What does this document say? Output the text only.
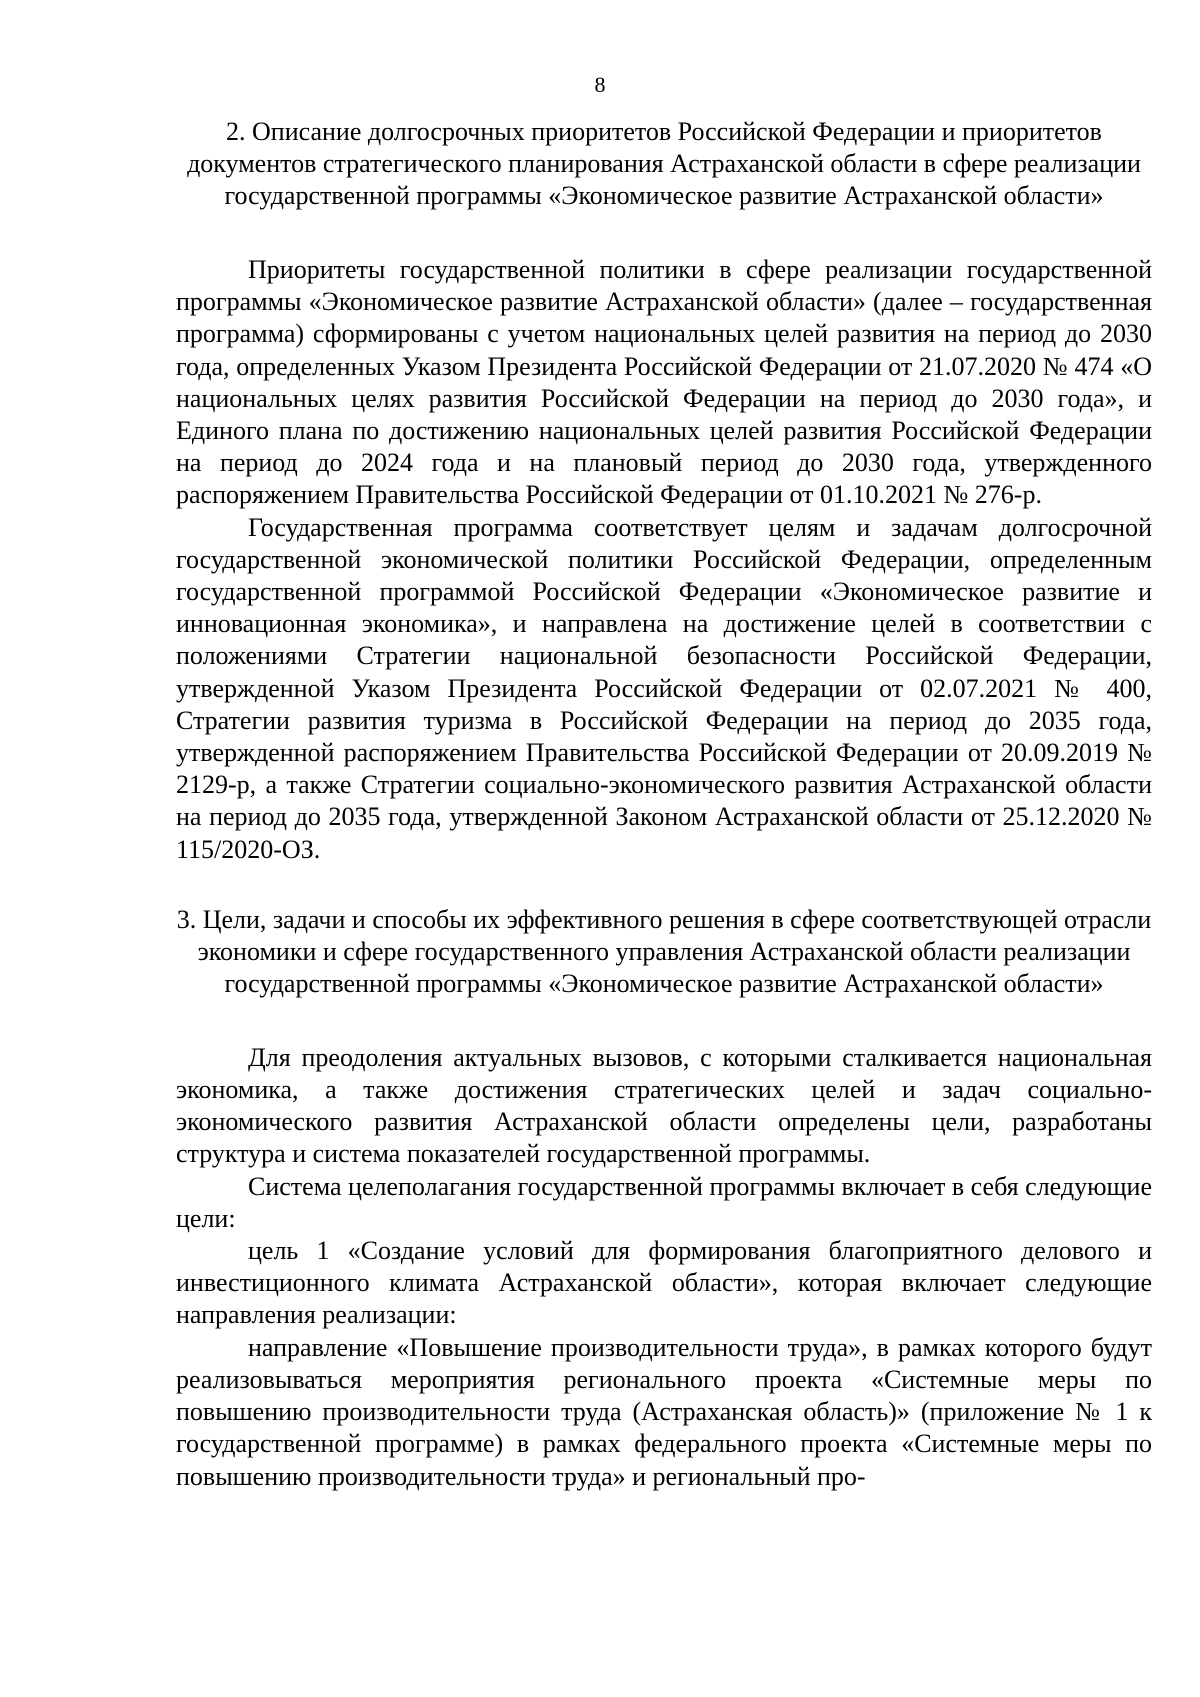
8

2. Описание долгосрочных приоритетов Российской Федерации и приоритетов документов стратегического планирования Астраханской области в сфере реализации государственной программы «Экономическое развитие Астраханской области»

Приоритеты государственной политики в сфере реализации государственной программы «Экономическое развитие Астраханской области» (далее – государственная программа) сформированы с учетом национальных целей развития на период до 2030 года, определенных Указом Президента Российской Федерации от 21.07.2020 № 474 «О национальных целях развития Российской Федерации на период до 2030 года», и Единого плана по достижению национальных целей развития Российской Федерации на период до 2024 года и на плановый период до 2030 года, утвержденного распоряжением Правительства Российской Федерации от 01.10.2021 № 276-р.

Государственная программа соответствует целям и задачам долгосрочной государственной экономической политики Российской Федерации, определенным государственной программой Российской Федерации «Экономическое развитие и инновационная экономика», и направлена на достижение целей в соответствии с положениями Стратегии национальной безопасности Российской Федерации, утвержденной Указом Президента Российской Федерации от 02.07.2021 № 400, Стратегии развития туризма в Российской Федерации на период до 2035 года, утвержденной распоряжением Правительства Российской Федерации от 20.09.2019 № 2129-р, а также Стратегии социально-экономического развития Астраханской области на период до 2035 года, утвержденной Законом Астраханской области от 25.12.2020 № 115/2020-ОЗ.

3. Цели, задачи и способы их эффективного решения в сфере соответствующей отрасли экономики и сфере государственного управления Астраханской области реализации государственной программы «Экономическое развитие Астраханской области»

Для преодоления актуальных вызовов, с которыми сталкивается национальная экономика, а также достижения стратегических целей и задач социально-экономического развития Астраханской области определены цели, разработаны структура и система показателей государственной программы.

Система целеполагания государственной программы включает в себя следующие цели:

цель 1 «Создание условий для формирования благоприятного делового и инвестиционного климата Астраханской области», которая включает следующие направления реализации:

направление «Повышение производительности труда», в рамках которого будут реализовываться мероприятия регионального проекта «Системные меры по повышению производительности труда (Астраханская область)» (приложение № 1 к государственной программе) в рамках федерального проекта «Системные меры по повышению производительности труда» и региональный про-
